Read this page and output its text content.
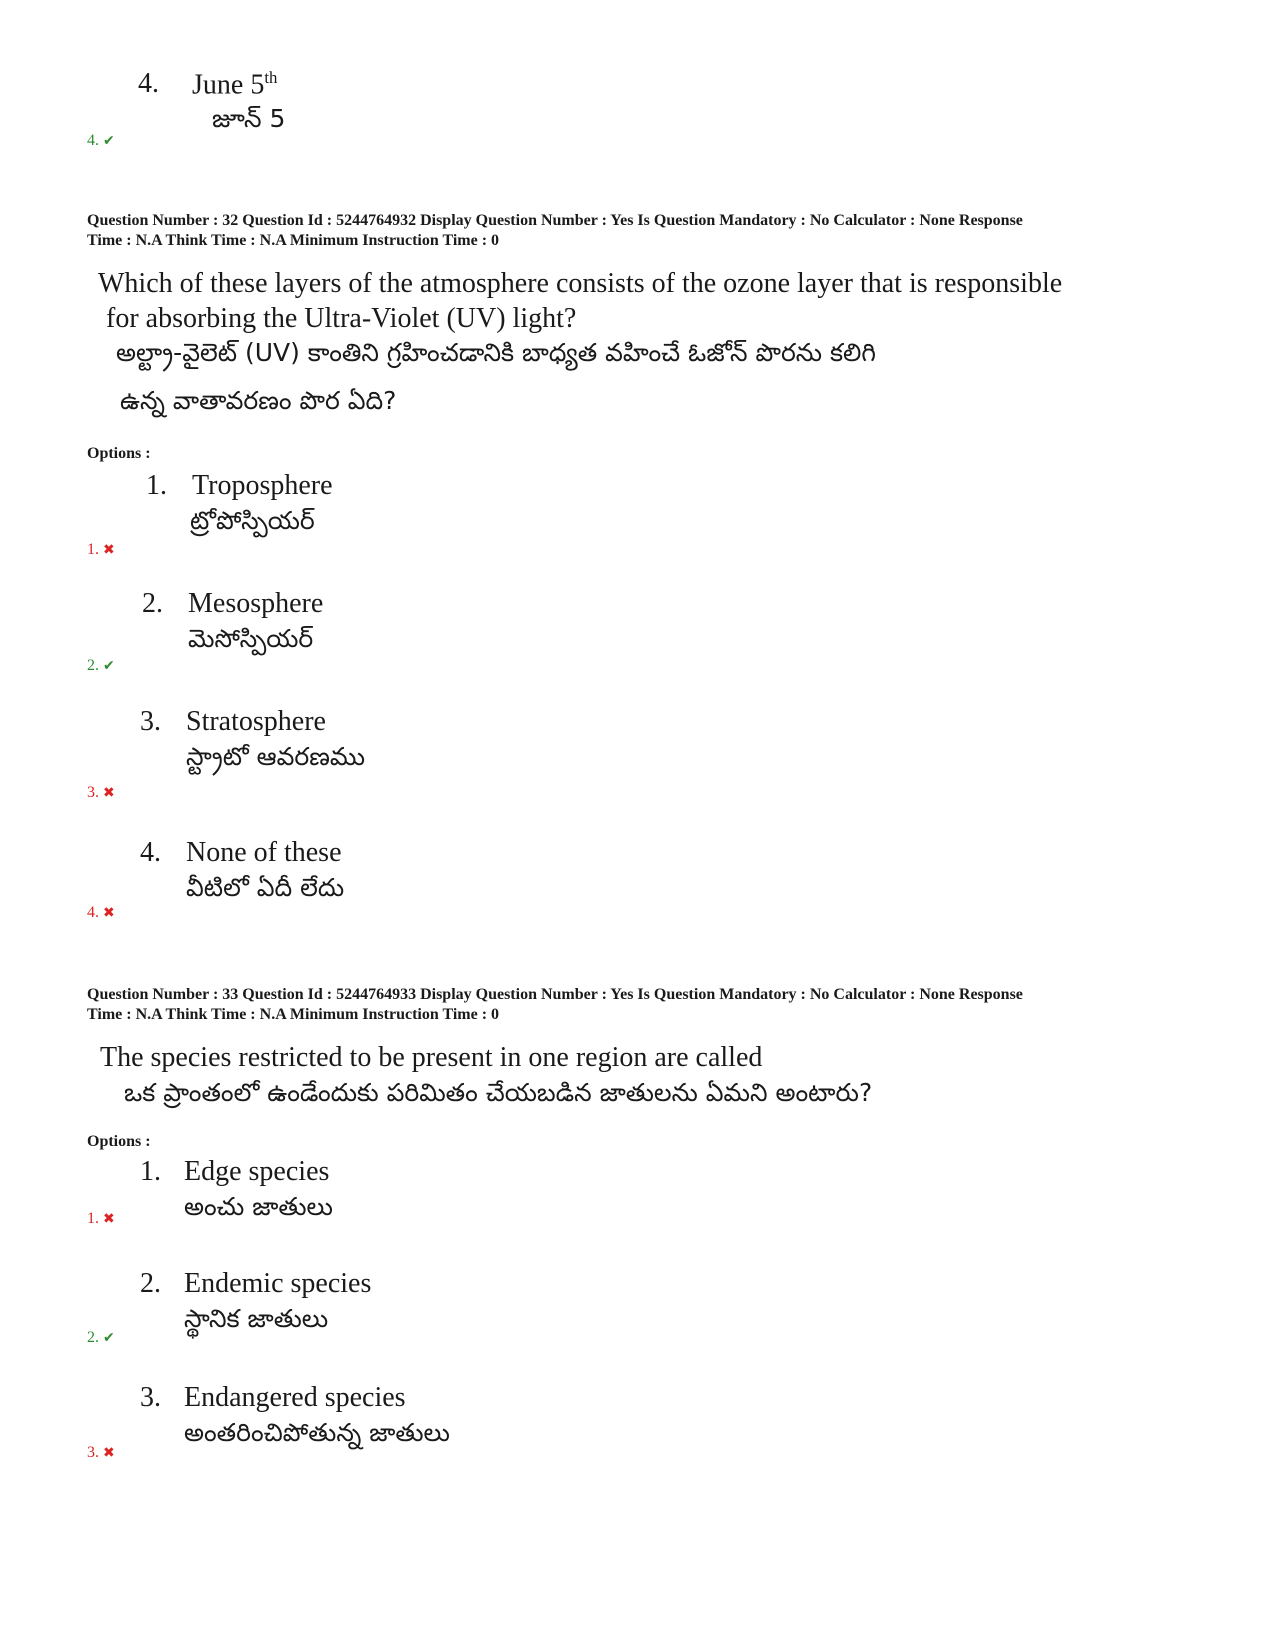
4. June 5th
జూన్ 5
4. ✔
Question Number : 32 Question Id : 5244764932 Display Question Number : Yes Is Question Mandatory : No Calculator : None Response
Time : N.A Think Time : N.A Minimum Instruction Time : 0
Which of these layers of the atmosphere consists of the ozone layer that is responsible
for absorbing the Ultra-Violet (UV) light?
అల్ట్రా-వైలెట్ (UV) కాంతిని గ్రహించడానికి బాధ్యత వహించే ఓజోన్ పొరను కలిగి
ఉన్న వాతావరణం పొర ఏది?
Options :
1. Troposphere
ట్రోపోస్పియర్
1. ✖
2. Mesosphere
మెసోస్పియర్
2. ✔
3. Stratosphere
స్ట్రాటో ఆవరణము
3. ✖
4. None of these
వీటిలో ఏదీ లేదు
4. ✖
Question Number : 33 Question Id : 5244764933 Display Question Number : Yes Is Question Mandatory : No Calculator : None Response
Time : N.A Think Time : N.A Minimum Instruction Time : 0
The species restricted to be present in one region are called
ఒక ప్రాంతంలో ఉండేందుకు పరిమితం చేయబడిన జాతులను ఏమని అంటారు?
Options :
1. Edge species
అంచు జాతులు
1. ✖
2. Endemic species
స్థానిక జాతులు
2. ✔
3. Endangered species
అంతరించిపోతున్న జాతులు
3. ✖
